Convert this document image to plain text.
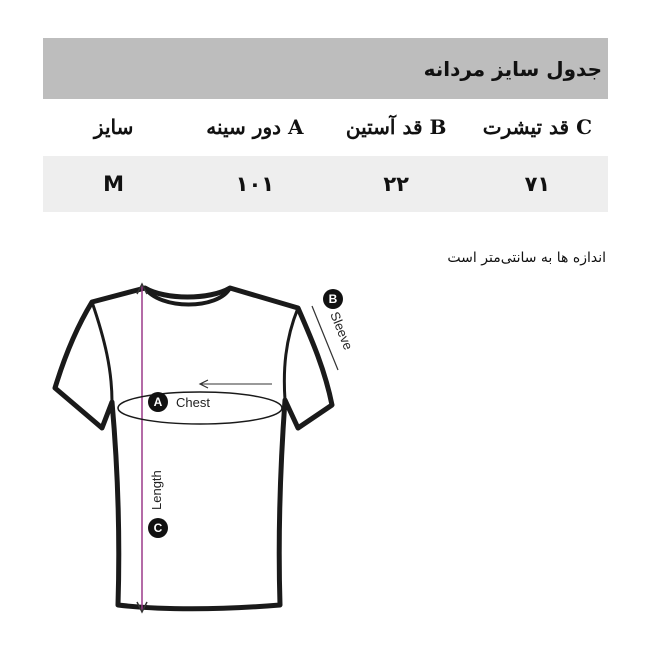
جدول سایز مردانه
C قد تیشرت
B قد آستین
A دور سینه
سایز
۷۱
۲۲
۱۰۱
M
اندازه ها به سانتی‌متر است
A Chest
B
Sleeve
C
Length
